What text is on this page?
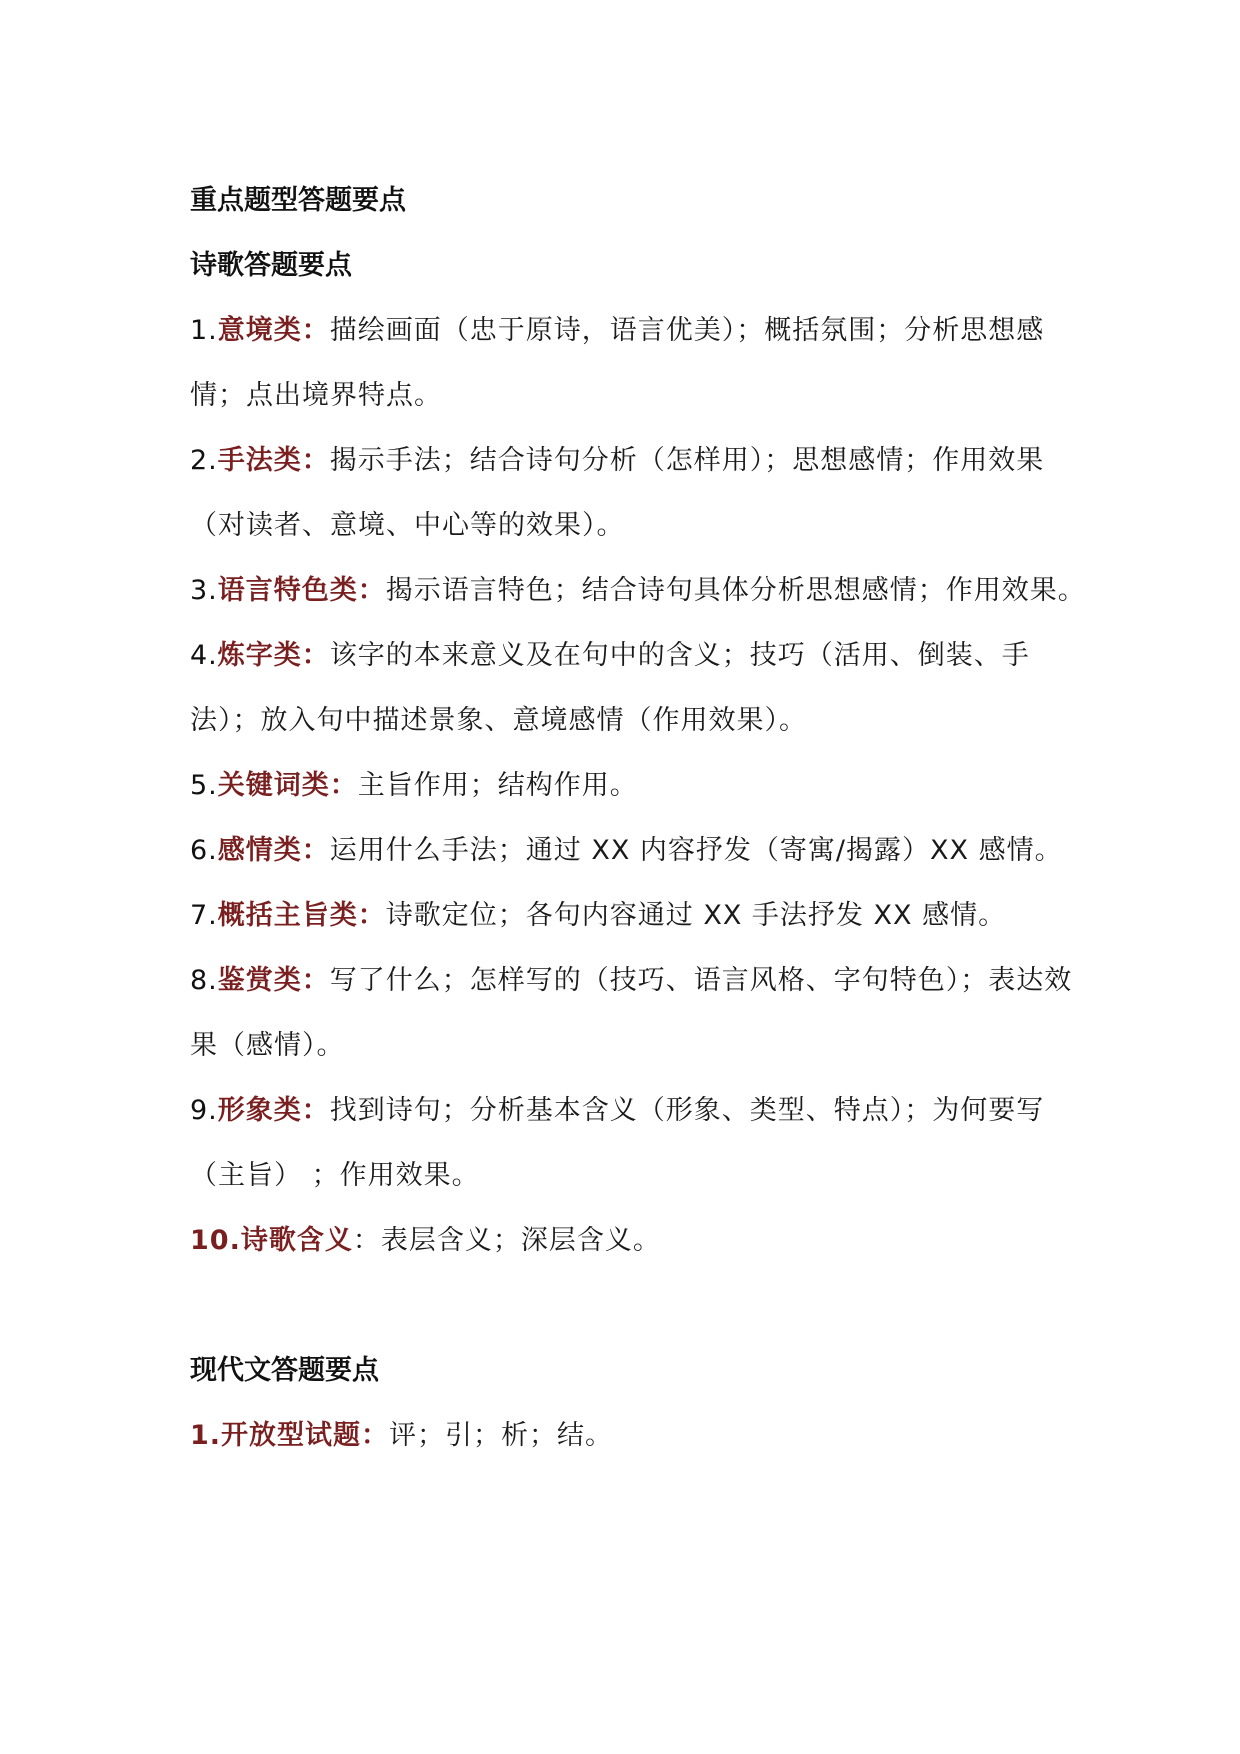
重点题型答题要点

诗歌答题要点

1.意境类：描绘画面（忠于原诗，语言优美）；概括氛围；分析思想感情；点出境界特点。

2.手法类：揭示手法；结合诗句分析（怎样用）；思想感情；作用效果（对读者、意境、中心等的效果）。

3.语言特色类：揭示语言特色；结合诗句具体分析思想感情；作用效果。

4.炼字类：该字的本来意义及在句中的含义；技巧（活用、倒装、手法）；放入句中描述景象、意境感情（作用效果）。

5.关键词类：主旨作用；结构作用。

6.感情类：运用什么手法；通过 XX 内容抒发（寄寓/揭露）XX 感情。

7.概括主旨类：诗歌定位；各句内容通过 XX 手法抒发 XX 感情。

8.鉴赏类：写了什么；怎样写的（技巧、语言风格、字句特色）；表达效果（感情）。

9.形象类：找到诗句；分析基本含义（形象、类型、特点）；为何要写（主旨） ；作用效果。

10.诗歌含义：表层含义；深层含义。

现代文答题要点

1.开放型试题：评；引；析；结。
